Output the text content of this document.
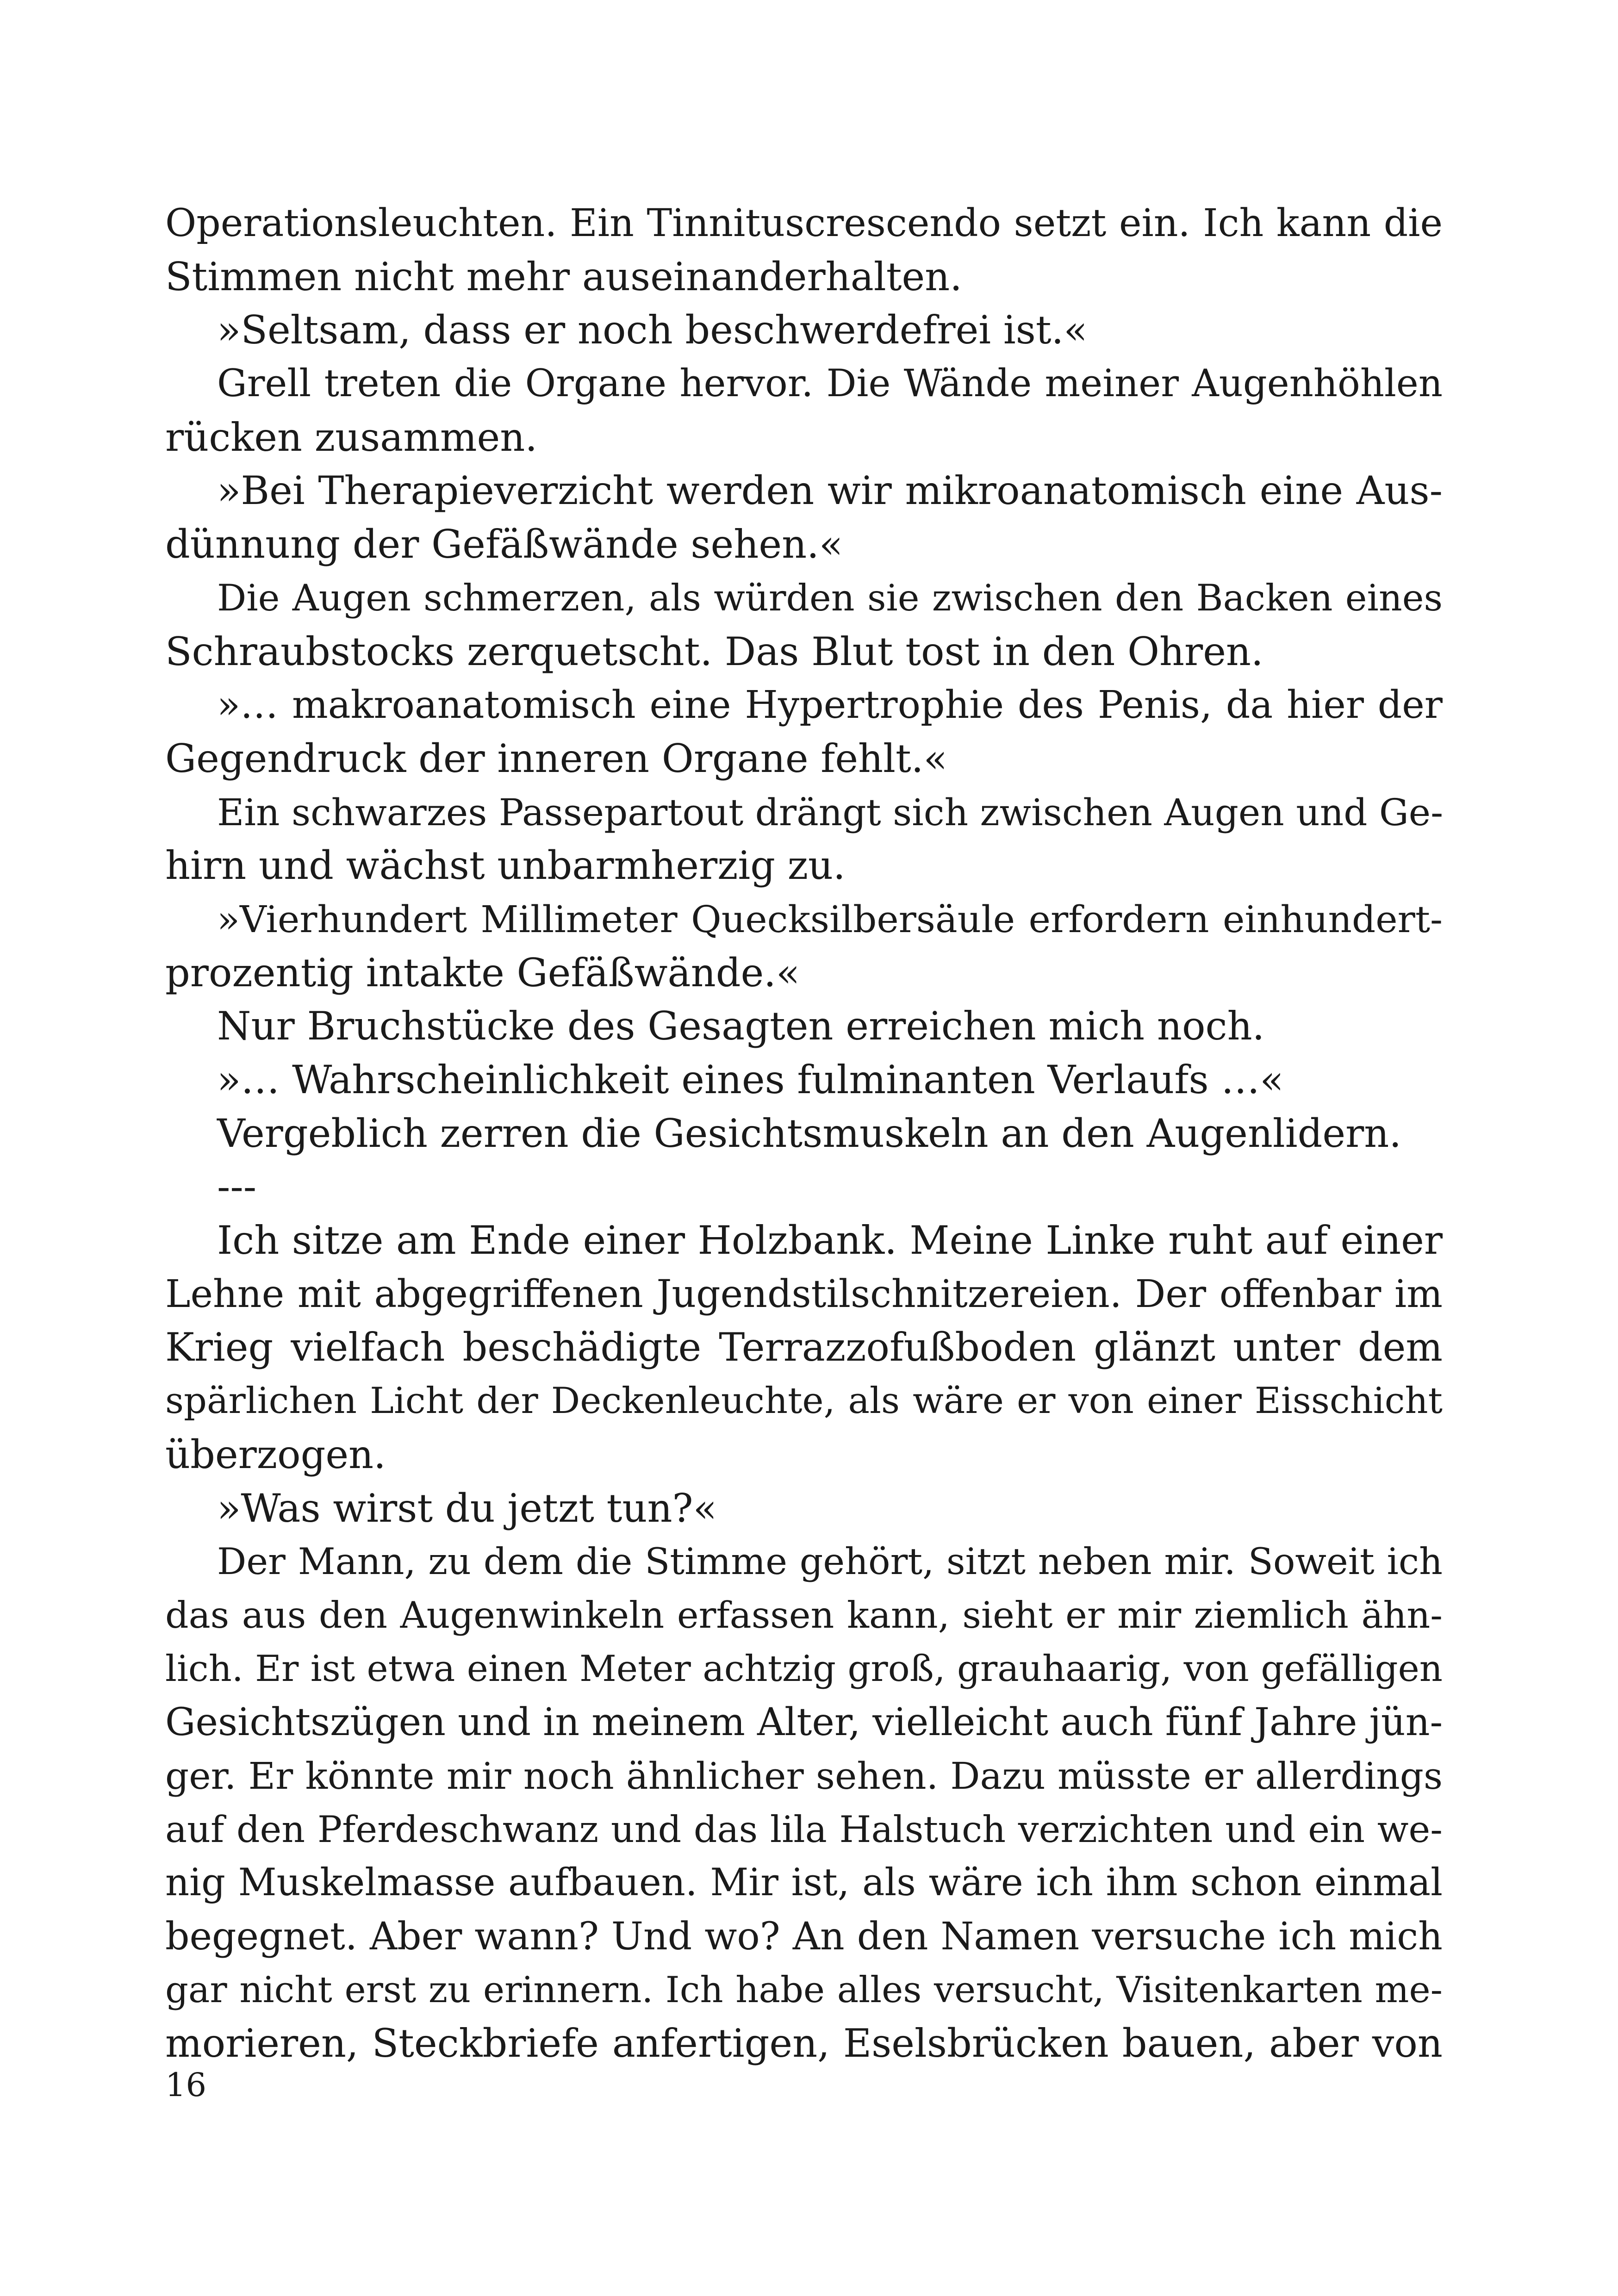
Operationsleuchten. Ein Tinnituscrescendo setzt ein. Ich kann die
Stimmen nicht mehr auseinanderhalten.
»Seltsam, dass er noch beschwerdefrei ist.«
Grell treten die Organe hervor. Die Wände meiner Augenhöhlen
rücken zusammen.
»Bei Therapieverzicht werden wir mikroanatomisch eine Aus-
dünnung der Gefäßwände sehen.«
Die Augen schmerzen, als würden sie zwischen den Backen eines
Schraubstocks zerquetscht. Das Blut tost in den Ohren.
»… makroanatomisch eine Hypertrophie des Penis, da hier der
Gegendruck der inneren Organe fehlt.«
Ein schwarzes Passepartout drängt sich zwischen Augen und Ge-
hirn und wächst unbarmherzig zu.
»Vierhundert Millimeter Quecksilbersäule erfordern einhundert-
prozentig intakte Gefäßwände.«
Nur Bruchstücke des Gesagten erreichen mich noch.
»… Wahrscheinlichkeit eines fulminanten Verlaufs …«
Vergeblich zerren die Gesichtsmuskeln an den Augenlidern.
---
Ich sitze am Ende einer Holzbank. Meine Linke ruht auf einer
Lehne mit abgegriffenen Jugendstilschnitzereien. Der offenbar im
Krieg vielfach beschädigte Terrazzofußboden glänzt unter dem
spärlichen Licht der Deckenleuchte, als wäre er von einer Eisschicht
überzogen.
»Was wirst du jetzt tun?«
Der Mann, zu dem die Stimme gehört, sitzt neben mir. Soweit ich
das aus den Augenwinkeln erfassen kann, sieht er mir ziemlich ähn-
lich. Er ist etwa einen Meter achtzig groß, grauhaarig, von gefälligen
Gesichtszügen und in meinem Alter, vielleicht auch fünf Jahre jün-
ger. Er könnte mir noch ähnlicher sehen. Dazu müsste er allerdings
auf den Pferdeschwanz und das lila Halstuch verzichten und ein we-
nig Muskelmasse aufbauen. Mir ist, als wäre ich ihm schon einmal
begegnet. Aber wann? Und wo? An den Namen versuche ich mich
gar nicht erst zu erinnern. Ich habe alles versucht, Visitenkarten me-
morieren, Steckbriefe anfertigen, Eselsbrücken bauen, aber von
16
